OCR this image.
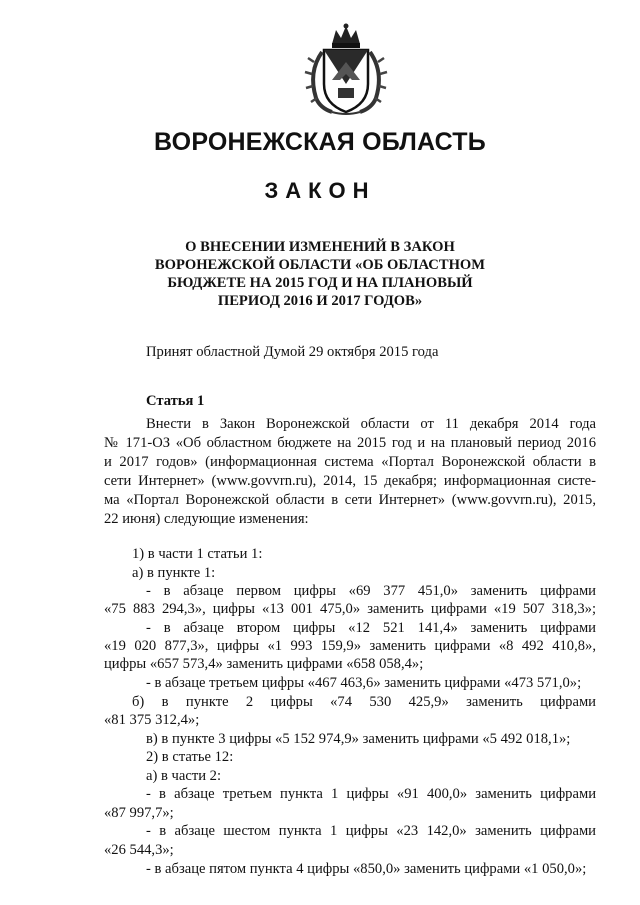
ВОРОНЕЖСКАЯ ОБЛАСТЬ
ЗАКОН
О ВНЕСЕНИИ ИЗМЕНЕНИЙ В ЗАКОН
ВОРОНЕЖСКОЙ ОБЛАСТИ «ОБ ОБЛАСТНОМ
БЮДЖЕТЕ НА 2015 ГОД И НА ПЛАНОВЫЙ
ПЕРИОД 2016 И 2017 ГОДОВ»
Принят областной Думой 29 октября 2015 года
Статья 1
Внести в Закон Воронежской области от 11 декабря 2014 года
№ 171-ОЗ «Об областном бюджете на 2015 год и на плановый период 2016
и 2017 годов» (информационная система «Портал Воронежской области в
сети Интернет» (www.govvrn.ru), 2014, 15 декабря; информационная систе-
ма «Портал Воронежской области в сети Интернет» (www.govvrn.ru), 2015,
22 июня) следующие изменения:
1) в части 1 статьи 1:
а) в пункте 1:
- в абзаце первом цифры «69 377 451,0» заменить цифрами
«75 883 294,3», цифры «13 001 475,0» заменить цифрами «19 507 318,3»;
- в абзаце втором цифры «12 521 141,4» заменить цифрами
«19 020 877,3», цифры «1 993 159,9» заменить цифрами «8 492 410,8»,
цифры «657 573,4» заменить цифрами «658 058,4»;
- в абзаце третьем цифры «467 463,6» заменить цифрами «473 571,0»;
б) в пункте 2 цифры «74 530 425,9» заменить цифрами
«81 375 312,4»;
в) в пункте 3 цифры «5 152 974,9» заменить цифрами «5 492 018,1»;
2) в статье 12:
а) в части 2:
- в абзаце третьем пункта 1 цифры «91 400,0» заменить цифрами
«87 997,7»;
- в абзаце шестом пункта 1 цифры «23 142,0» заменить цифрами
«26 544,3»;
- в абзаце пятом пункта 4 цифры «850,0» заменить цифрами «1 050,0»;
